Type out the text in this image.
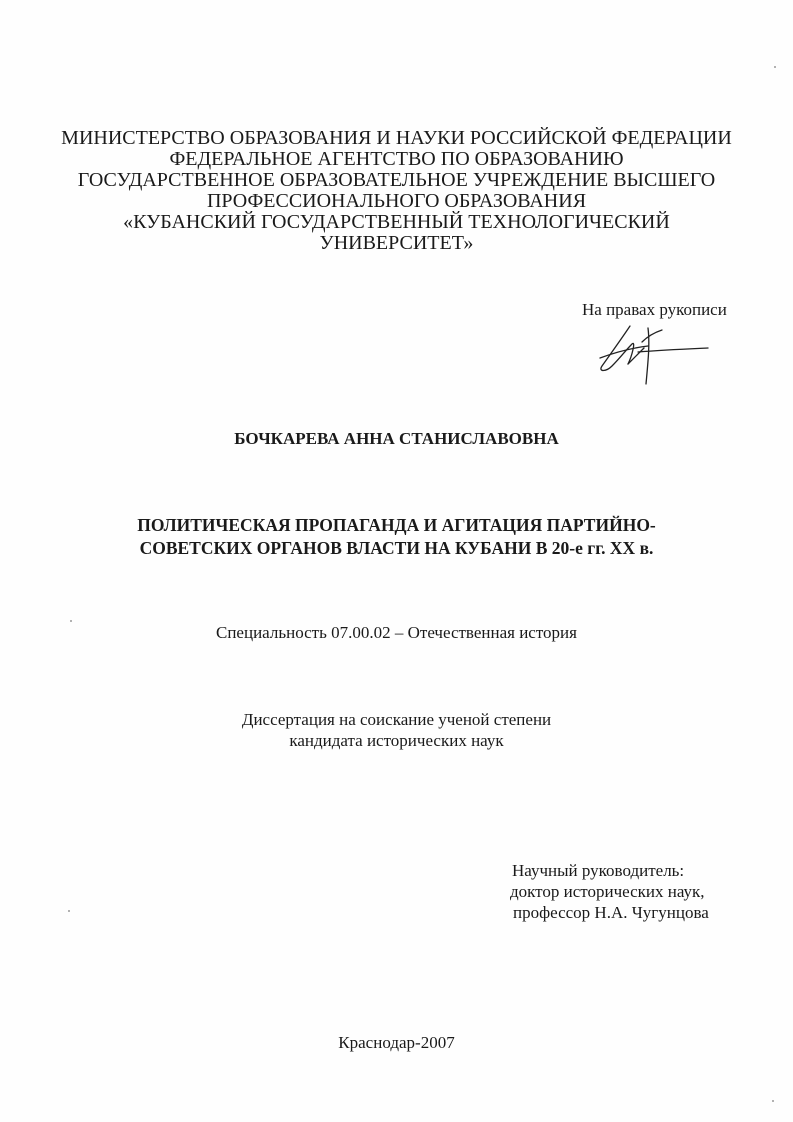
МИНИСТЕРСТВО ОБРАЗОВАНИЯ И НАУКИ РОССИЙСКОЙ ФЕДЕРАЦИИ
ФЕДЕРАЛЬНОЕ АГЕНТСТВО ПО ОБРАЗОВАНИЮ
ГОСУДАРСТВЕННОЕ ОБРАЗОВАТЕЛЬНОЕ УЧРЕЖДЕНИЕ ВЫСШЕГО
ПРОФЕССИОНАЛЬНОГО ОБРАЗОВАНИЯ
«КУБАНСКИЙ ГОСУДАРСТВЕННЫЙ ТЕХНОЛОГИЧЕСКИЙ
УНИВЕРСИТЕТ»
На правах рукописи
БОЧКАРЕВА АННА СТАНИСЛАВОВНА
ПОЛИТИЧЕСКАЯ ПРОПАГАНДА И АГИТАЦИЯ ПАРТИЙНО-
СОВЕТСКИХ ОРГАНОВ ВЛАСТИ НА КУБАНИ В 20-е гг. XX в.
Специальность 07.00.02 – Отечественная история
Диссертация на соискание ученой степени
кандидата исторических наук
Научный руководитель:
доктор исторических наук,
профессор Н.А. Чугунцова
Краснодар-2007
